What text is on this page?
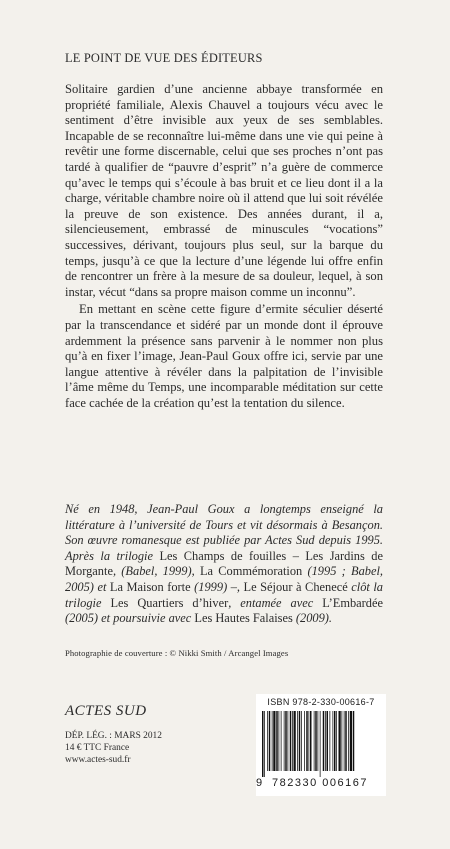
LE POINT DE VUE DES ÉDITEURS

Solitaire gardien d’une ancienne abbaye transformée en propriété familiale, Alexis Chauvel a toujours vécu avec le sentiment d’être invisible aux yeux de ses semblables. Incapable de se reconnaître lui-même dans une vie qui peine à revêtir une forme discernable, celui que ses proches n’ont pas tardé à qualifier de “pauvre d’esprit” n’a guère de commerce qu’avec le temps qui s’écoule à bas bruit et ce lieu dont il a la charge, véritable chambre noire où il attend que lui soit révélée la preuve de son existence. Des années durant, il a, silencieusement, embrassé de minuscules “vocations” successives, dérivant, toujours plus seul, sur la barque du temps, jusqu’à ce que la lecture d’une légende lui offre enfin de rencontrer un frère à la mesure de sa douleur, lequel, à son instar, vécut “dans sa propre maison comme un inconnu”.

En mettant en scène cette figure d’ermite séculier déserté par la transcendance et sidéré par un monde dont il éprouve ardemment la présence sans parvenir à le nommer non plus qu’à en fixer l’image, Jean-Paul Goux offre ici, servie par une langue attentive à révéler dans la palpitation de l’invisible l’âme même du Temps, une incomparable méditation sur cette face cachée de la création qu’est la tentation du silence.

Né en 1948, Jean-Paul Goux a longtemps enseigné la littérature à l’université de Tours et vit désormais à Besançon. Son œuvre romanesque est publiée par Actes Sud depuis 1995. Après la trilogie Les Champs de fouilles – Les Jardins de Morgante, (Babel, 1999), La Commémoration (1995 ; Babel, 2005) et La Maison forte (1999) –, Le Séjour à Chenecé clôt la trilogie Les Quartiers d’hiver, entamée avec L’Embardée (2005) et poursuivie avec Les Hautes Falaises (2009).
Photographie de couverture : © Nikki Smith / Arcangel Images
ACTES SUD
DÉP. LÉG. : MARS 2012
14 € TTC France
www.actes-sud.fr
ISBN 978-2-330-00616-7
9 782330 006167
